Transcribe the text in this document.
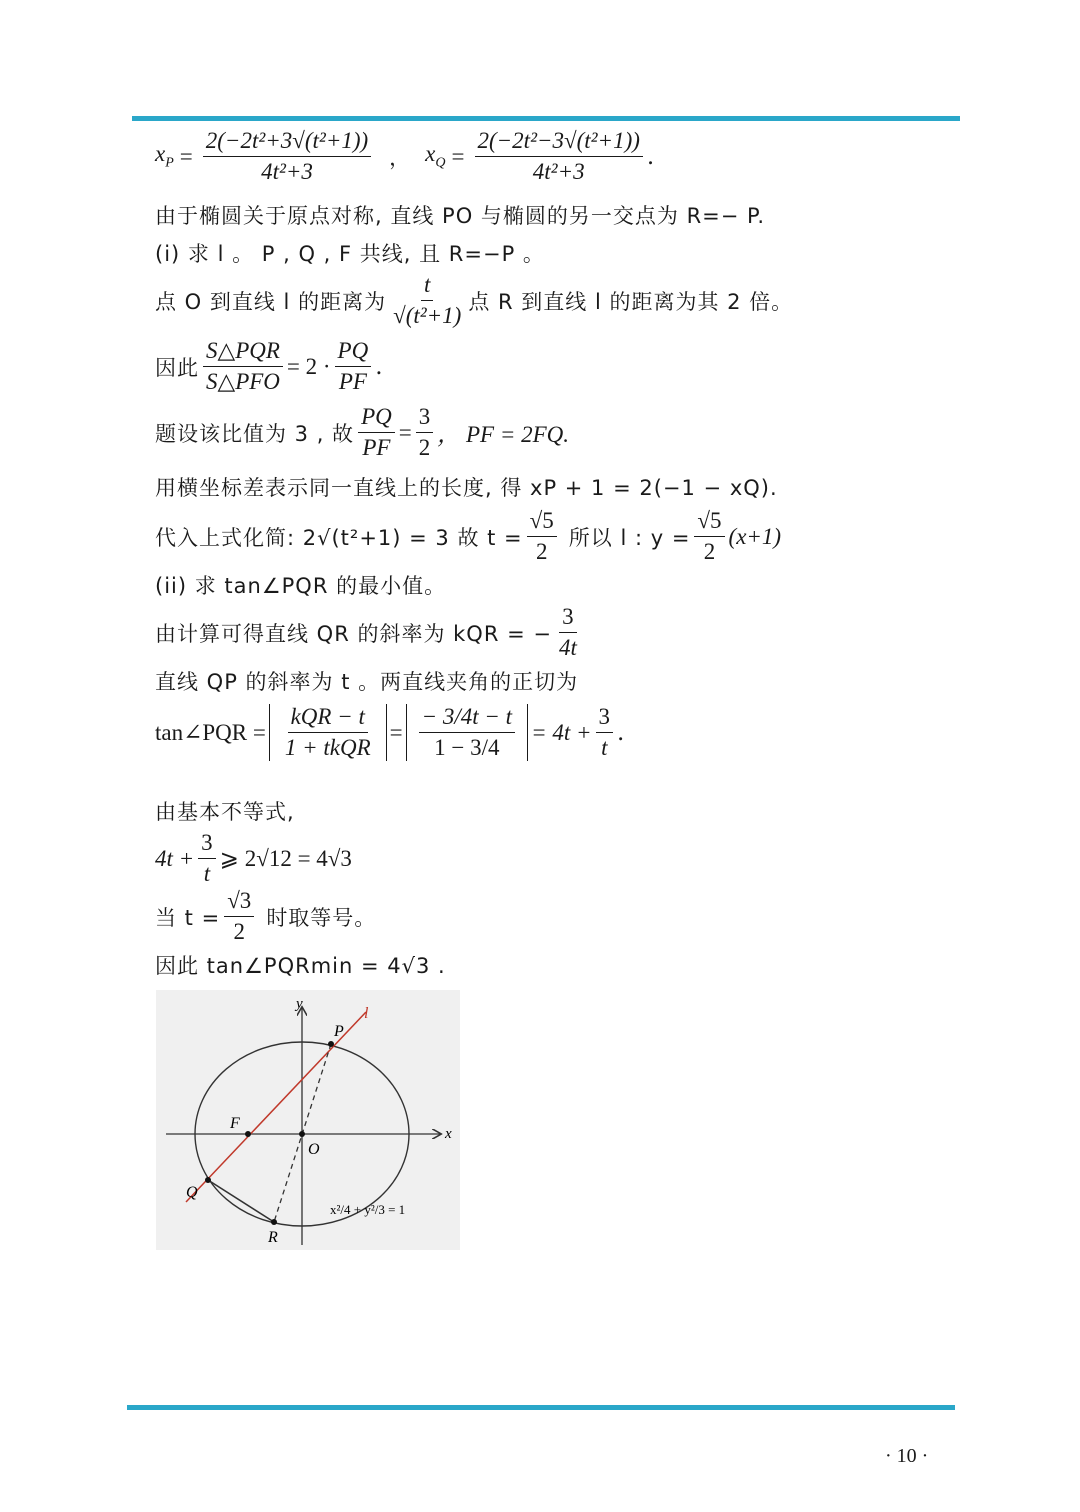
$x_P = \frac{\text{2(−2t²+3√(t²+1))}}{\text{4t²+3}}$ ， $x_Q = \frac{\text{2(−2t²−3√(t²+1))}}{\text{4t²+3}}$ .
由于椭圆关于原点对称, 直线 PO 与椭圆的另一交点为 R=− P.
(i) 求 l 。 P , Q , F 共线, 且 R=−P 。
点 O 到直线 l 的距离为 $\frac{t}{\text{√(t²+1)}}$ 点 R 到直线 l 的距离为其 2 倍。
因此 $\frac{\text{S△PQR}}{\text{S△PFO}} = 2 \cdot \frac{PQ}{PF}$ .
题设该比值为 3 , 故 $\frac{PQ}{PF} = \frac{3}{2}$ ， PF = 2FQ.
用横坐标差表示同一直线上的长度, 得 xP + 1 = 2(−1 − xQ).
代入上式化简: 2√(t²+1) = 3 故 $t = \frac{√5}{2}$ 所以 l : $y = \frac{√5}{2} (x+1)$
(ii) 求 tan∠PQR 的最小值。
由计算可得直线 QR 的斜率为 kQR = − $\frac{3}{4t}$
直线 QP 的斜率为 t 。两直线夹角的正切为
tan∠PQR = $\frac{\text{kQR − t}}{\text{1 + tkQR}} = \frac{- 3/4t - t}{1 - 3/4} = 4t + \frac{3}{t}$ .
由基本不等式,
$4t + \frac{3}{t}$ ⩾ 2√12 = 4√3
当 $t = \frac{√3}{2}$ 时取等号。
因此 tan∠PQRmin = 4√3 .
y
x
l
P
F
O
Q
R
x²/4 + y²/3 = 1
· 10 ·
